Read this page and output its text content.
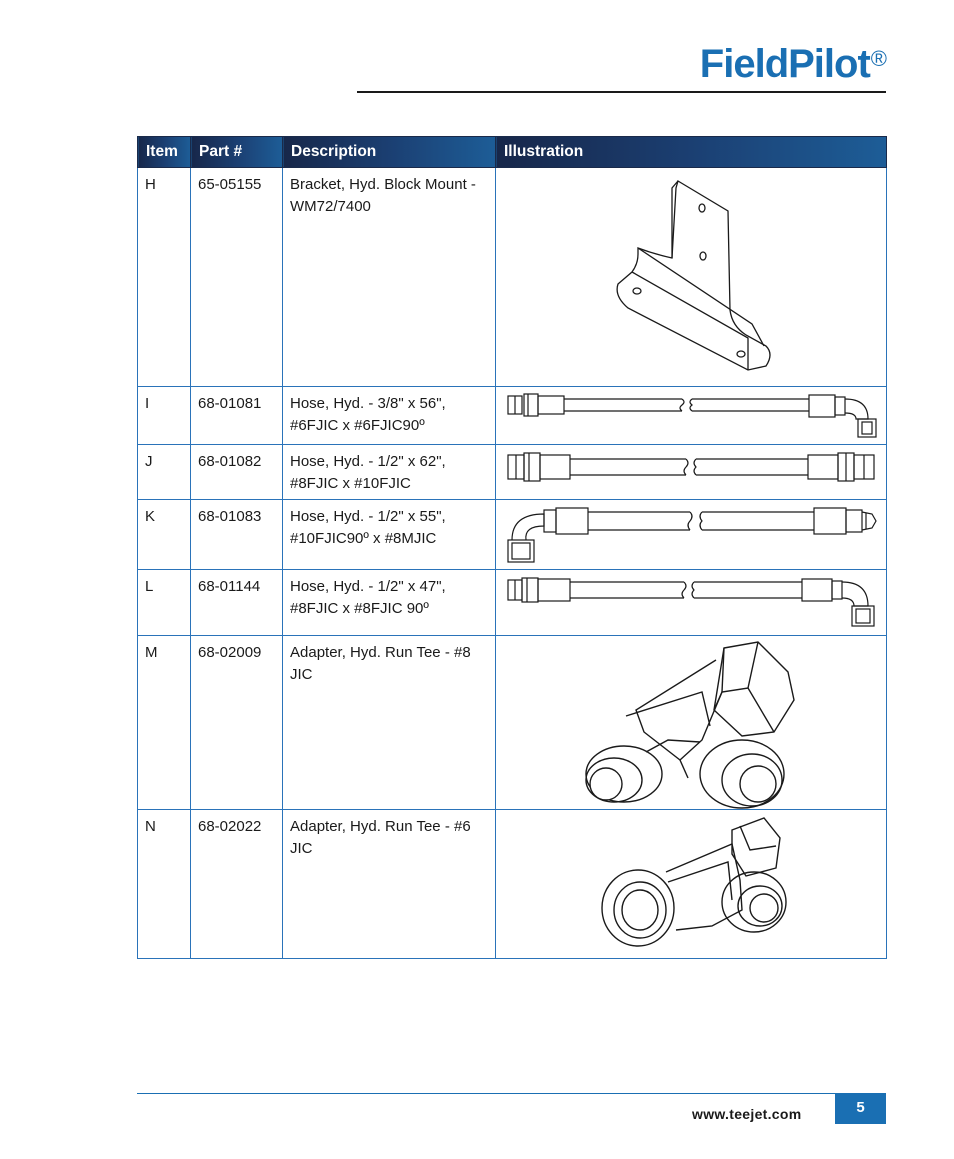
FieldPilot®
Item	Part #	Description	Illustration
H	65-05155	Bracket, Hyd. Block Mount -
WM72/7400	

I	68-01081	Hose, Hyd. - 3/8" x 56",
#6FJIC x #6FJIC90º	

J	68-01082	Hose, Hyd. - 1/2" x 62",
#8FJIC x #10FJIC	

K	68-01083	Hose, Hyd. - 1/2" x 55",
#10FJIC90º x #8MJIC	

L	68-01144	Hose, Hyd. - 1/2" x 47",
#8FJIC x #8FJIC 90º	

M	68-02009	Adapter, Hyd. Run Tee - #8
JIC	

N	68-02022	Adapter, Hyd. Run Tee - #6
JIC	
www.teejet.com	5
